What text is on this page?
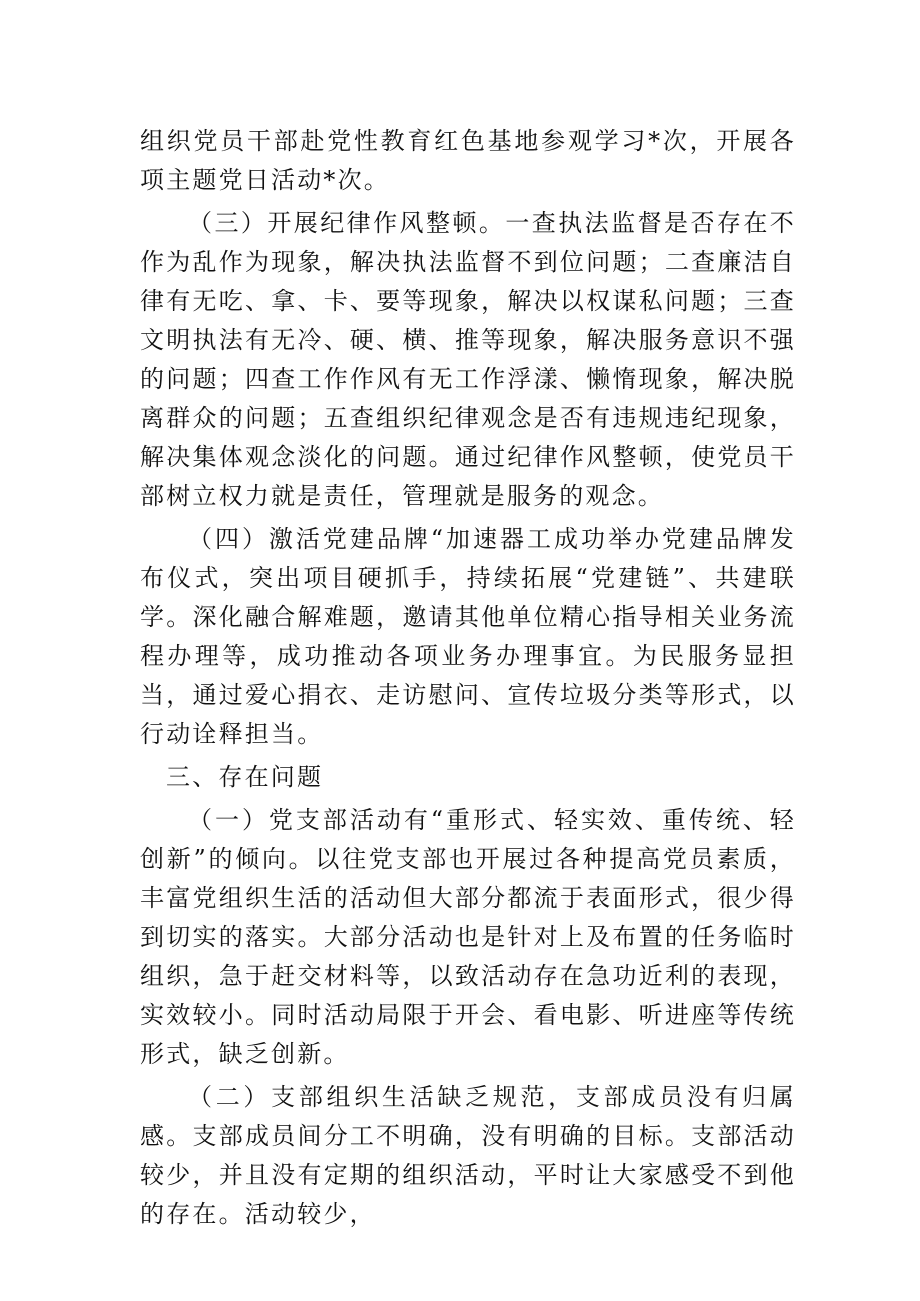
组织党员干部赴党性教育红色基地参观学习*次，开展各项主题党日活动*次。

（三）开展纪律作风整顿。一查执法监督是否存在不作为乱作为现象，解决执法监督不到位问题；二查廉洁自律有无吃、拿、卡、要等现象，解决以权谋私问题；三查文明执法有无冷、硬、横、推等现象，解决服务意识不强的问题；四查工作作风有无工作浮漾、懒惰现象，解决脱离群众的问题；五查组织纪律观念是否有违规违纪现象，解决集体观念淡化的问题。通过纪律作风整顿，使党员干部树立权力就是责任，管理就是服务的观念。

（四）激活党建品牌“加速器工成功举办党建品牌发布仪式，突出项目硬抓手，持续拓展“党建链”、共建联学。深化融合解难题，邀请其他单位精心指导相关业务流程办理等，成功推动各项业务办理事宜。为民服务显担当，通过爱心捐衣、走访慰问、宣传垃圾分类等形式，以行动诠释担当。

三、存在问题

（一）党支部活动有“重形式、轻实效、重传统、轻创新”的倾向。以往党支部也开展过各种提高党员素质，丰富党组织生活的活动但大部分都流于表面形式，很少得到切实的落实。大部分活动也是针对上及布置的任务临时组织，急于赶交材料等，以致活动存在急功近利的表现，实效较小。同时活动局限于开会、看电影、听进座等传统形式，缺乏创新。

（二）支部组织生活缺乏规范，支部成员没有归属感。支部成员间分工不明确，没有明确的目标。支部活动较少，并且没有定期的组织活动，平时让大家感受不到他的存在。活动较少，
